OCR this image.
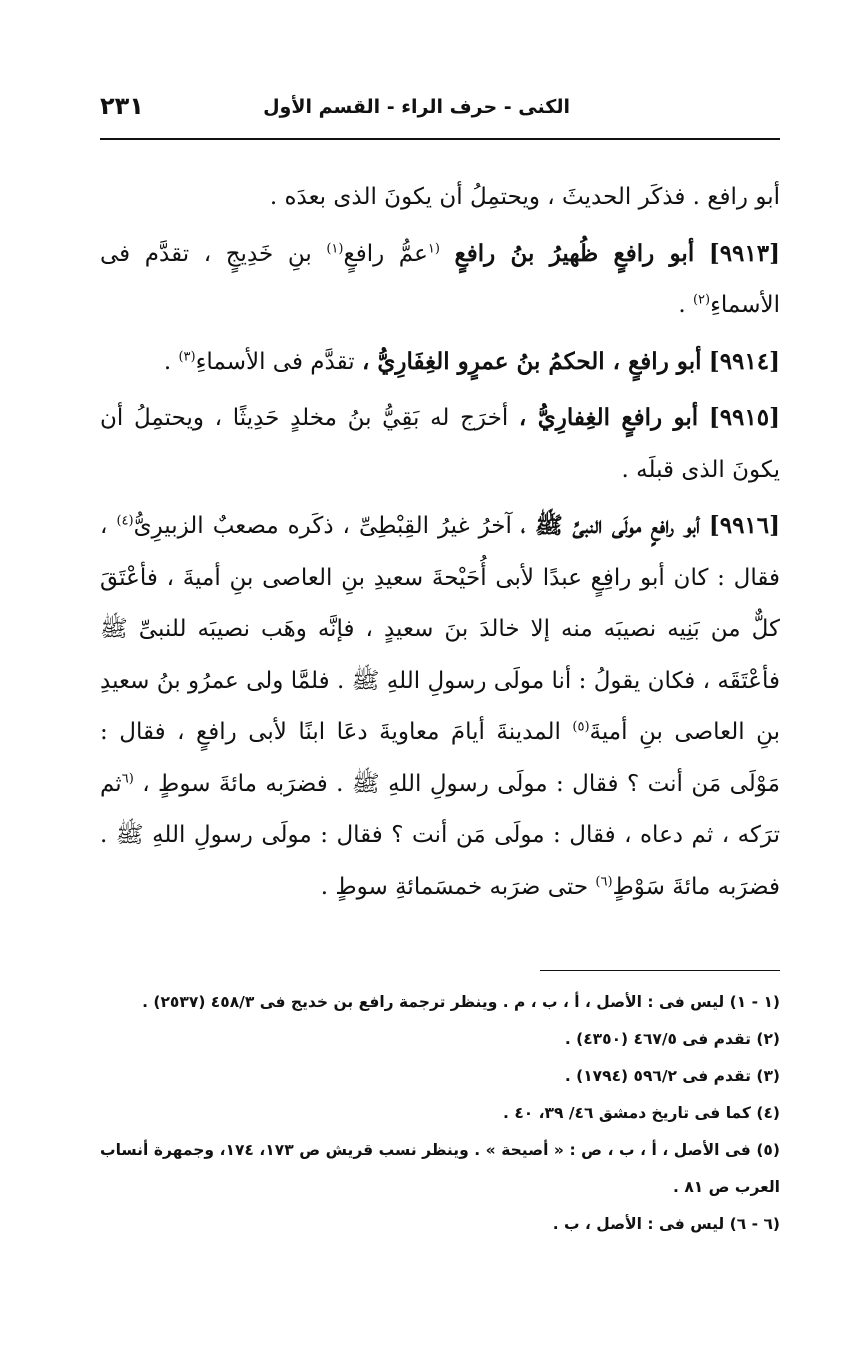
الكنى - حرف الراء - القسم الأول
٢٣١

أبو رافع . فذكَر الحديثَ ، ويحتمِلُ أن يكونَ الذى بعدَه .

[٩٩١٣] أبو رافعٍ ظُهيرُ بنُ رافعٍ $^{(١}$عمُّ رافعٍ$^{(١)}$ بنِ خَدِيجٍ ، تقدَّم فى الأسماءِ$^{(٢)}$ .

[٩٩١٤] أبو رافعٍ ، الحكمُ بنُ عمرٍو الغِفَارِيُّ ، تقدَّم فى الأسماءِ$^{(٣)}$ .

[٩٩١٥] أبو رافعٍ الغِفارِيُّ ، أخرَج له بَقِيُّ بنُ مخلدٍ حَدِيثًا ، ويحتمِلُ أن يكونَ الذى قبلَه .

[٩٩١٦] أبو رافعٍ مولَى النبىِّ ﷺ ، آخرُ غيرُ القِبْطِىِّ ، ذكَره مصعبٌ الزبيرِىُّ$^{(٤)}$ ، فقال : كان أبو رافِعٍ عبدًا لأبى أُحَيْحةَ سعيدِ بنِ العاصى بنِ أميةَ ، فأعْتَقَ كلٌّ من بَنِيه نصيبَه منه إلا خالدَ بنَ سعيدٍ ، فإنَّه وهَب نصيبَه للنبىِّ ﷺ فأعْتَقَه ، فكان يقولُ : أنا مولَى رسولِ اللهِ ﷺ . فلمَّا ولى عمرُو بنُ سعيدِ بنِ العاصى بنِ أميةَ$^{(٥)}$ المدينةَ أيامَ معاويةَ دعَا ابنًا لأبى رافعٍ ، فقال : مَوْلَى مَن أنت ؟ فقال : مولَى رسولِ اللهِ ﷺ . فضرَبه مائةَ سوطٍ ، $^{(٦}$ثم ترَكه ، ثم دعاه ، فقال : مولَى مَن أنت ؟ فقال : مولَى رسولِ اللهِ ﷺ . فضرَبه مائةَ سَوْطٍ$^{(٦)}$ حتى ضرَبه خمسَمائةِ سوطٍ .

(١ - ١) ليس فى : الأصل ، أ ، ب ، م . وينظر ترجمة رافع بن خديج فى ٤٥٨/٣ (٢٥٣٧) .

(٢) تقدم فى ٤٦٧/٥ (٤٣٥٠) .

(٣) تقدم فى ٥٩٦/٢ (١٧٩٤) .

(٤) كما فى تاريخ دمشق ٤٦/ ٣٩، ٤٠ .

(٥) فى الأصل ، أ ، ب ، ص : « أصيحة » . وينظر نسب قريش ص ١٧٣، ١٧٤، وجمهرة أنساب العرب ص ٨١ .

(٦ - ٦) ليس فى : الأصل ، ب .
